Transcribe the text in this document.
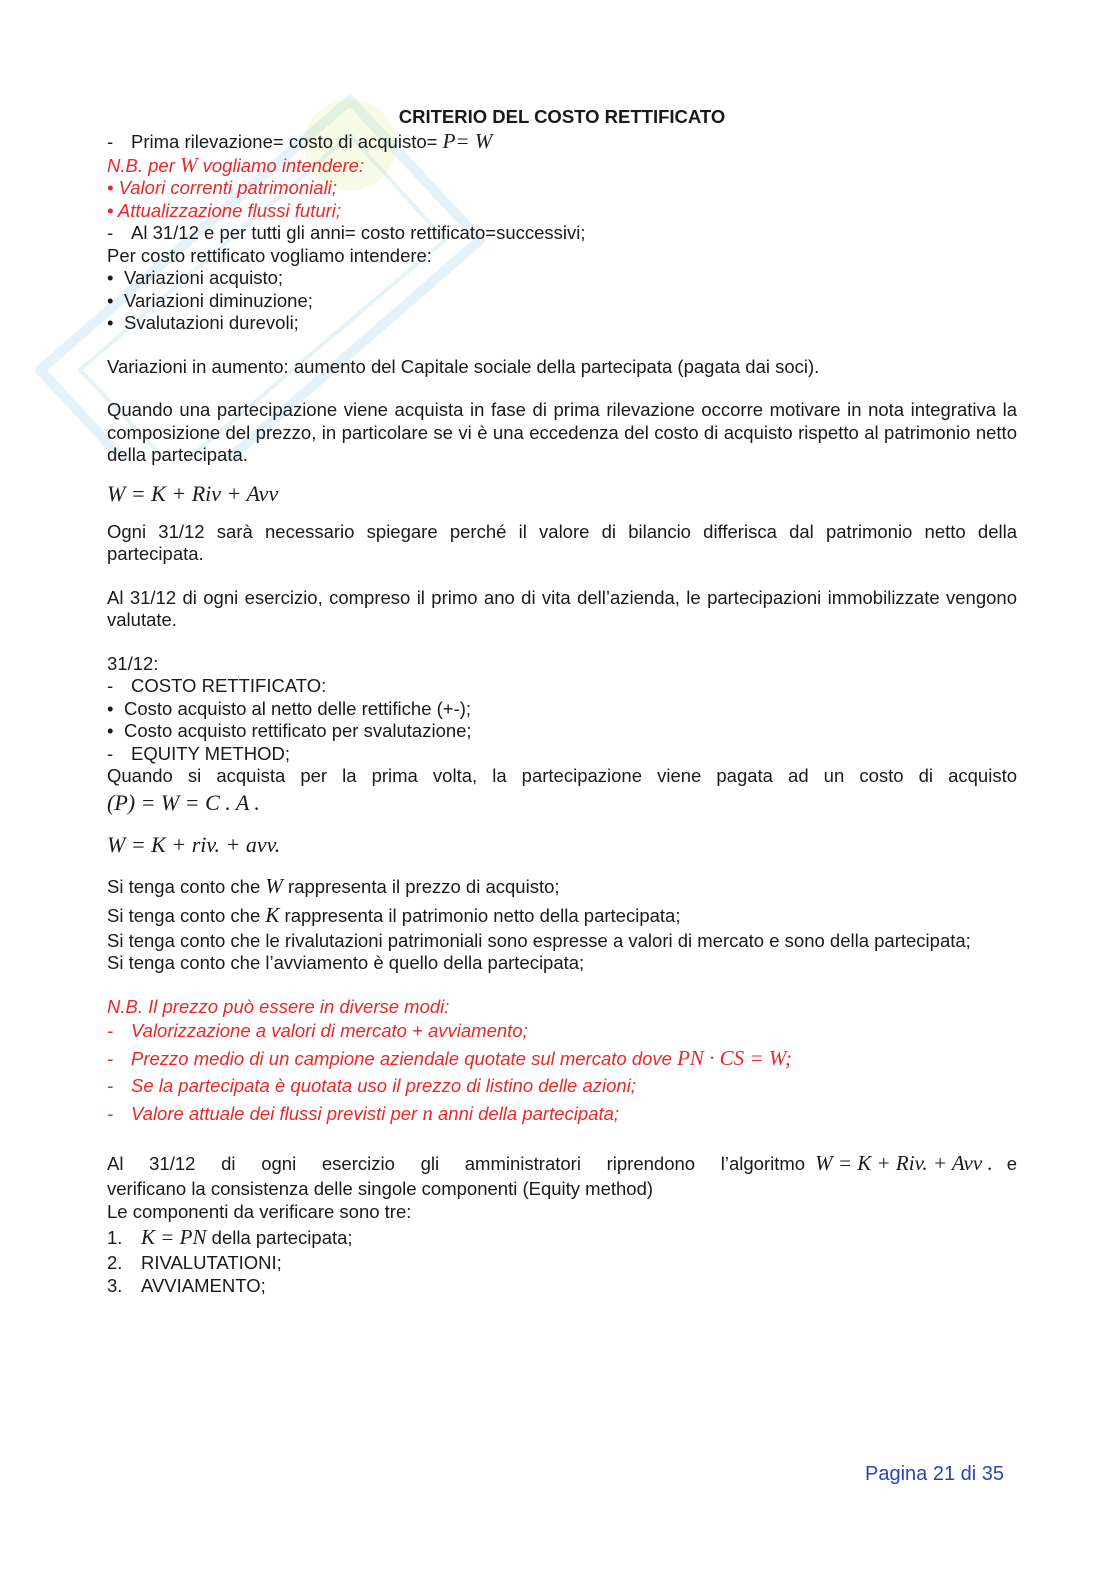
CRITERIO DEL COSTO RETTIFICATO
- Prima rilevazione= costo di acquisto= P= W
N.B. per W vogliamo intendere:
• Valori correnti patrimoniali;
• Attualizzazione flussi futuri;
- Al 31/12 e per tutti gli anni= costo rettificato=successivi;
Per costo rettificato vogliamo intendere:
• Variazioni acquisto;
• Variazioni diminuzione;
• Svalutazioni durevoli;
Variazioni in aumento: aumento del Capitale sociale della partecipata (pagata dai soci).
Quando una partecipazione viene acquista in fase di prima rilevazione occorre motivare in nota integrativa la composizione del prezzo, in particolare se vi è una eccedenza del costo di acquisto rispetto al patrimonio netto della partecipata.
W = K + Riv + Avv
Ogni 31/12 sarà necessario spiegare perché il valore di bilancio differisca dal patrimonio netto della partecipata.
Al 31/12 di ogni esercizio, compreso il primo ano di vita dell’azienda, le partecipazioni immobilizzate vengono valutate.
31/12:
- COSTO RETTIFICATO:
• Costo acquisto al netto delle rettifiche (+-);
• Costo acquisto rettificato per svalutazione;
- EQUITY METHOD;
Quando si acquista per la prima volta, la partecipazione viene pagata ad un costo di acquisto
(P) = W = C . A .
W = K + riv. + avv.
Si tenga conto che W rappresenta il prezzo di acquisto;
Si tenga conto che K rappresenta il patrimonio netto della partecipata;
Si tenga conto che le rivalutazioni patrimoniali sono espresse a valori di mercato e sono della partecipata;
Si tenga conto che l’avviamento è quello della partecipata;
N.B. Il prezzo può essere in diverse modi:
- Valorizzazione a valori di mercato + avviamento;
- Prezzo medio di un campione aziendale quotate sul mercato dove PN · CS = W;
- Se la partecipata è quotata uso il prezzo di listino delle azioni;
- Valore attuale dei flussi previsti per n anni della partecipata;
Al 31/12 di ogni esercizio gli amministratori riprendono l’algoritmo W = K + Riv. + Avv . e
verificano la consistenza delle singole componenti (Equity method)
Le componenti da verificare sono tre:
1. K = PN della partecipata;
2. RIVALUTATIONI;
3. AVVIAMENTO;
Pagina 21 di 35
